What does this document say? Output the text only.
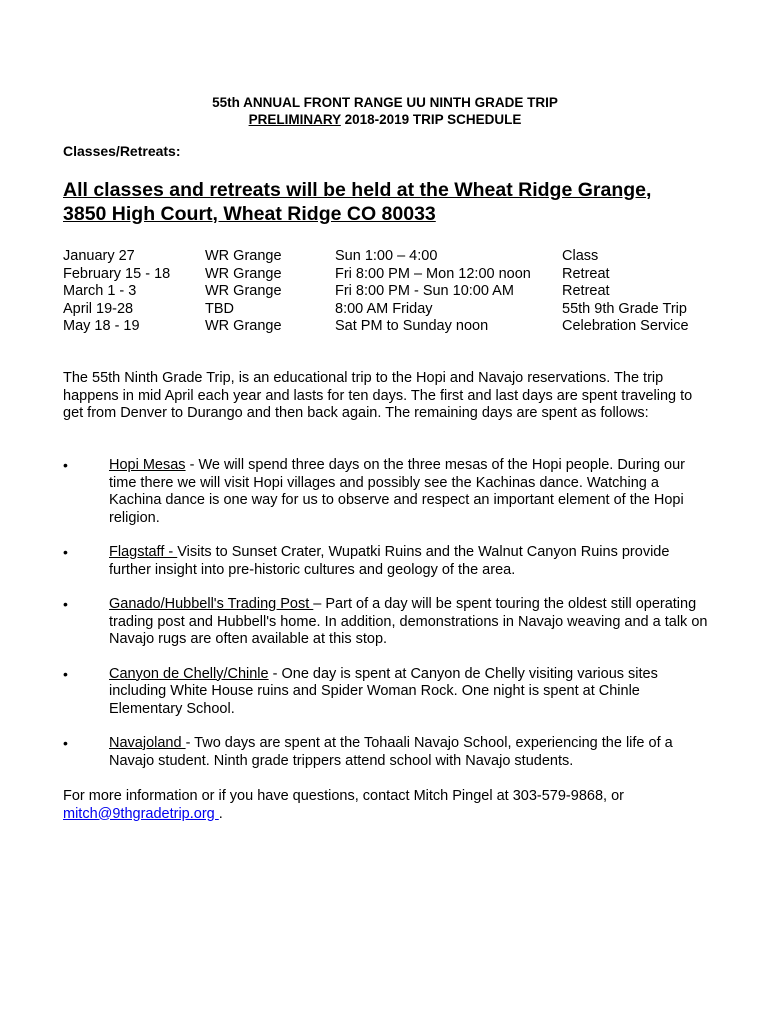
55th ANNUAL FRONT RANGE UU NINTH GRADE TRIP
PRELIMINARY 2018-2019 TRIP SCHEDULE
Classes/Retreats:
All classes and retreats will be held at the Wheat Ridge Grange,
3850 High Court, Wheat Ridge CO 80033
January 27	WR Grange	Sun 1:00 – 4:00	Class
February 15 - 18	WR Grange	Fri 8:00 PM – Mon 12:00 noon	Retreat
March 1 - 3	WR Grange	Fri 8:00 PM - Sun 10:00 AM	Retreat
April 19-28	TBD	8:00 AM Friday	55th 9th Grade Trip
May 18 - 19	WR Grange	Sat PM to Sunday noon	Celebration Service
The 55th Ninth Grade Trip, is an educational trip to the Hopi and Navajo reservations. The trip happens in mid April each year and lasts for ten days. The first and last days are spent traveling to get from Denver to Durango and then back again. The remaining days are spent as follows:
•	Hopi Mesas - We will spend three days on the three mesas of the Hopi people. During our time there we will visit Hopi villages and possibly see the Kachinas dance. Watching a Kachina dance is one way for us to observe and respect an important element of the Hopi religion.
•	Flagstaff - Visits to Sunset Crater, Wupatki Ruins and the Walnut Canyon Ruins provide further insight into pre-historic cultures and geology of the area.
•	Ganado/Hubbell's Trading Post – Part of a day will be spent touring the oldest still operating trading post and Hubbell's home. In addition, demonstrations in Navajo weaving and a talk on Navajo rugs are often available at this stop.
•	Canyon de Chelly/Chinle - One day is spent at Canyon de Chelly visiting various sites including White House ruins and Spider Woman Rock. One night is spent at Chinle Elementary School.
•	Navajoland - Two days are spent at the Tohaali Navajo School, experiencing the life of a Navajo student. Ninth grade trippers attend school with Navajo students.
For more information or if you have questions, contact Mitch Pingel at 303-579-9868, or mitch@9thgradetrip.org .
